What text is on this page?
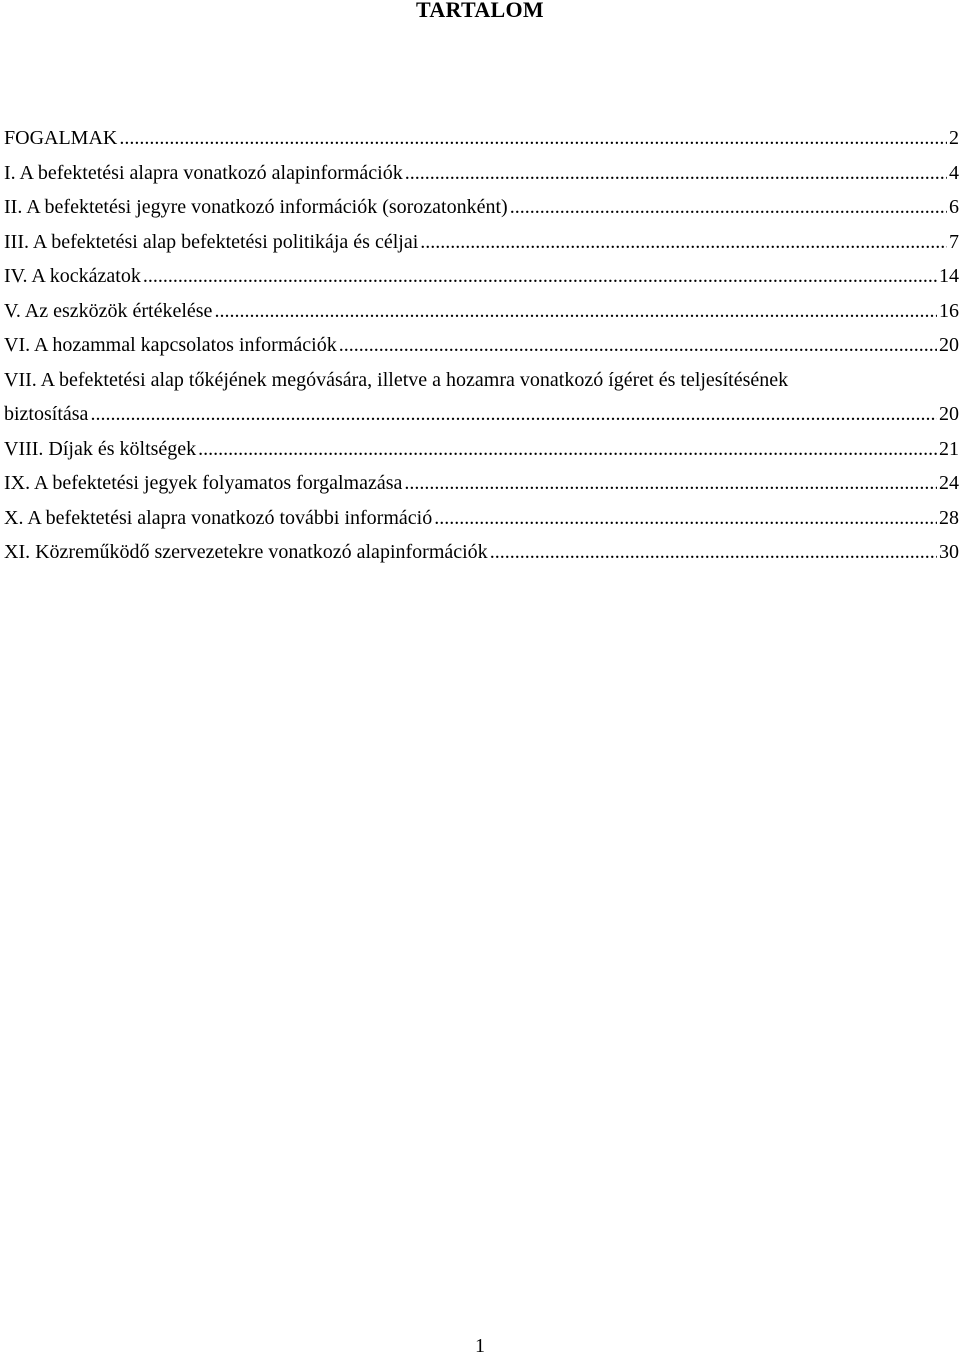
TARTALOM
FOGALMAK .....	2
I. A befektetési alapra vonatkozó alapinformációk .....	4
II. A befektetési jegyre vonatkozó információk (sorozatonként) .....	6
III. A befektetési alap befektetési politikája és céljai .....	7
IV. A kockázatok .....	14
V. Az eszközök értékelése .....	16
VI. A hozammal kapcsolatos információk .....	20
VII. A befektetési alap tőkéjének megóvására, illetve a hozamra vonatkozó ígéret és teljesítésének
biztosítása .....	20
VIII. Díjak és költségek .....	21
IX. A befektetési jegyek folyamatos forgalmazása .....	24
X. A befektetési alapra vonatkozó további információ .....	28
XI. Közreműködő szervezetekre vonatkozó alapinformációk .....	30
1
